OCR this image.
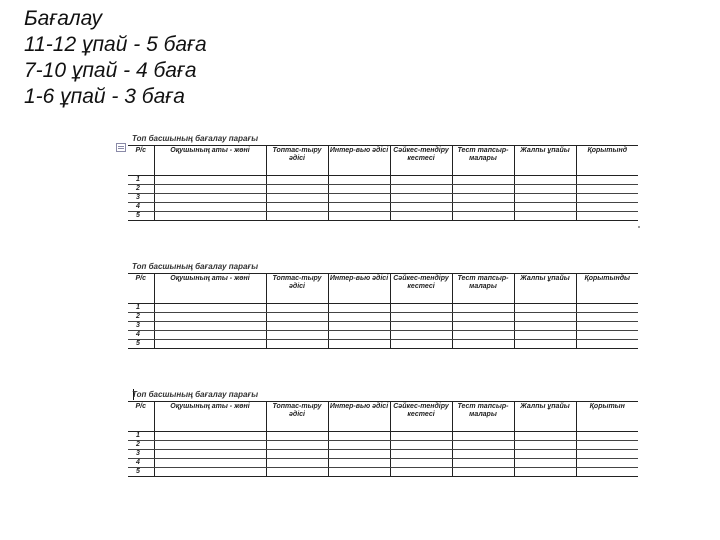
Бағалау
11-12 ұпай - 5 баға
7-10 ұпай - 4 баға
1-6 ұпай - 3 баға
Топ басшының бағалау парағы
Р/с	Оқушының аты - жөні	Топтас-тыру әдісі	Интер-вью әдісі	Сәйкес-тендіру кестесі	Тест тапсыр-малары	Жалпы ұпайы	Қорытынд
1							
2							
3							
4							
5							
Топ басшының бағалау парағы
Р/с	Оқушының аты - жөні	Топтас-тыру әдісі	Интер-вью әдісі	Сәйкес-тендіру кестесі	Тест тапсыр-малары	Жалпы ұпайы	Қорытынды
1							
2							
3							
4							
5							
Топ басшының бағалау парағы
Р/с	Оқушының аты - жөні	Топтас-тыру әдісі	Интер-вью әдісі	Сәйкес-тендіру кестесі	Тест тапсыр-малары	Жалпы ұпайы	Қорытын
1							
2							
3							
4							
5							
